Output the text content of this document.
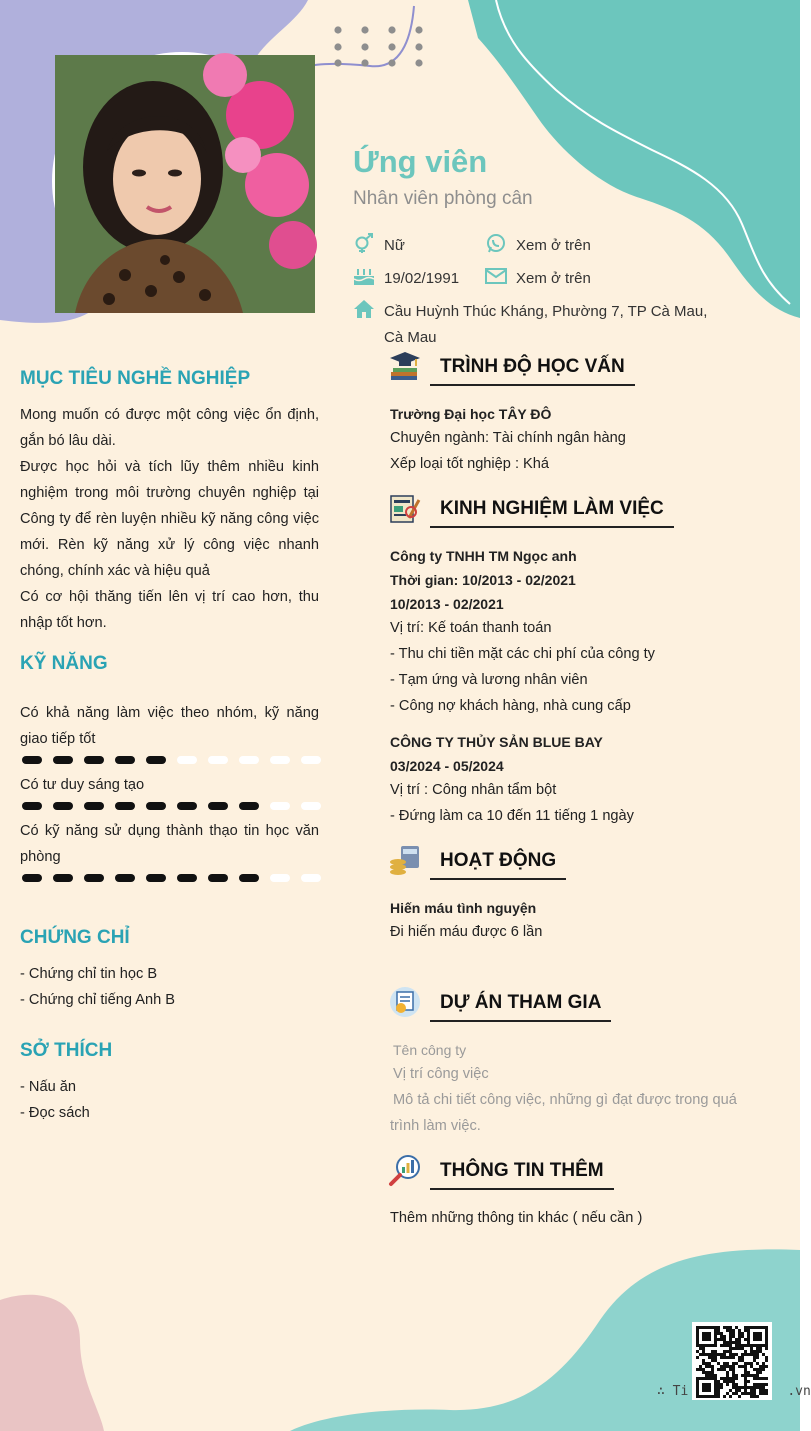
Ứng viên
Nhân viên phòng cân
Nữ	Xem ở trên
19/02/1991	Xem ở trên
Cầu Huỳnh Thúc Kháng, Phường 7, TP Cà Mau,
Cà Mau
MỤC TIÊU NGHỀ NGHIỆP
Mong muốn có được một công việc ổn định, gắn bó lâu dài.
Được học hỏi và tích lũy thêm nhiều kinh nghiệm trong môi trường chuyên nghiệp tại Công ty để rèn luyện nhiều kỹ năng công việc mới. Rèn kỹ năng xử lý công việc nhanh chóng, chính xác và hiệu quả
Có cơ hội thăng tiến lên vị trí cao hơn, thu nhập tốt hơn.
KỸ NĂNG
Có khả năng làm việc theo nhóm, kỹ năng giao tiếp tốt
Có tư duy sáng tạo
Có kỹ năng sử dụng thành thạo tin học văn phòng
CHỨNG CHỈ
- Chứng chỉ tin học B
- Chứng chỉ tiếng Anh B
SỞ THÍCH
- Nấu ăn
- Đọc sách
TRÌNH ĐỘ HỌC VẤN
Trường Đại học TÂY ĐÔ
Chuyên ngành: Tài chính ngân hàng
Xếp loại tốt nghiệp : Khá
KINH NGHIỆM LÀM VIỆC
Công ty TNHH TM Ngọc anh
Thời gian: 10/2013 - 02/2021
10/2013 - 02/2021
Vị trí: Kế toán thanh toán
- Thu chi tiền mặt các chi phí của công ty
- Tạm ứng và lương nhân viên
- Công nợ khách hàng, nhà cung cấp
CÔNG TY THỦY SẢN BLUE BAY
03/2024 - 05/2024
Vị trí : Công nhân tẩm bột
- Đứng làm ca 10 đến 11 tiếng 1 ngày
HOẠT ĐỘNG
Hiến máu tình nguyện
Đi hiến máu được 6 lần
DỰ ÁN THAM GIA
Tên công ty
Vị trí công việc
Mô tả chi tiết công việc, những gì đạt được trong quá
trình làm việc.
THÔNG TIN THÊM
Thêm những thông tin khác ( nếu cần )
∴ Ti	.vn
